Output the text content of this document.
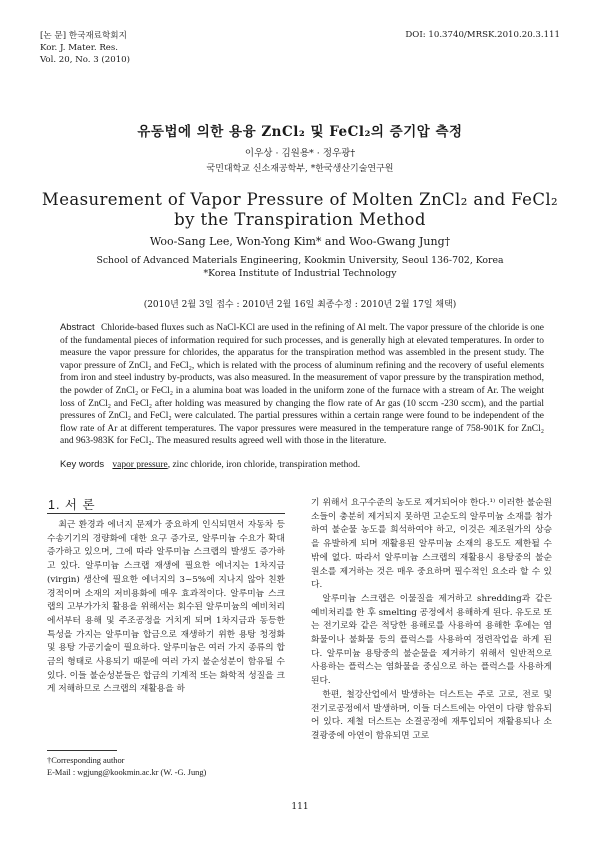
[논 문] 한국재료학회지
Kor. J. Mater. Res.
Vol. 20, No. 3 (2010)
DOI: 10.3740/MRSK.2010.20.3.111
유동법에 의한 용융 ZnCl₂ 및 FeCl₂의 증기압 측정
이우상 · 김원용* · 정우광†
국민대학교 신소재공학부, *한국생산기술연구원
Measurement of Vapor Pressure of Molten ZnCl₂ and FeCl₂
by the Transpiration Method
Woo-Sang Lee, Won-Yong Kim* and Woo-Gwang Jung†
School of Advanced Materials Engineering, Kookmin University, Seoul 136-702, Korea
*Korea Institute of Industrial Technology
(2010년 2월 3일 접수 : 2010년 2월 16일 최종수정 : 2010년 2월 17일 채택)
Abstract Chloride-based fluxes such as NaCl-KCl are used in the refining of Al melt. The vapor pressure of the chloride is one of the fundamental pieces of information required for such processes, and is generally high at elevated temperatures. In order to measure the vapor pressure for chlorides, the apparatus for the transpiration method was assembled in the present study. The vapor pressure of ZnCl₂ and FeCl₂, which is related with the process of aluminum refining and the recovery of useful elements from iron and steel industry by-products, was also measured. In the measurement of vapor pressure by the transpiration method, the powder of ZnCl₂ or FeCl₂ in a alumina boat was loaded in the uniform zone of the furnace with a stream of Ar. The weight loss of ZnCl₂ and FeCl₂ after holding was measured by changing the flow rate of Ar gas (10 sccm -230 sccm), and the partial pressures of ZnCl₂ and FeCl₂ were calculated. The partial pressures within a certain range were found to be independent of the flow rate of Ar at different temperatures. The vapor pressures were measured in the temperature range of 758-901K for ZnCl₂ and 963-983K for FeCl₂. The measured results agreed well with those in the literature.
Key words vapor pressure, zinc chloride, iron chloride, transpiration method.
1. 서 론

최근 환경과 에너지 문제가 중요하게 인식되면서 자동차 등 수송기기의 경량화에 대한 요구 증가로, 알루미늄 수요가 확대증가하고 있으며, 그에 따라 알루미늄 스크랩의 발생도 증가하고 있다. 알루미늄 스크랩 재생에 필요한 에너지는 1차지금(virgin) 생산에 필요한 에너지의 3~5%에 지나지 않아 친환경적이며 소재의 저비용화에 매우 효과적이다. 알루미늄 스크랩의 고부가가치 활용을 위해서는 회수된 알루미늄의 예비처리에서부터 용해 및 주조공정을 거치게 되며 1차지금과 동등한 특성을 가지는 알루미늄 합금으로 재생하기 위한 용탕 청정화 및 용탕 가공기술이 필요하다. 알루미늄은 여러 가지 종류의 합금의 형태로 사용되기 때문에 여러 가지 불순성분이 함유될 수 있다. 이들 불순성분들은 합금의 기계적 또는 화학적 성질을 크게 저해하므로 스크랩의 재활용을 하

기 위해서 요구수준의 농도로 제거되어야 한다.¹⁾ 이러한 불순원소들이 충분히 제거되지 못하면 고순도의 알루미늄 소재를 첨가하여 불순물 농도를 희석하여야 하고, 이것은 제조원가의 상승을 유발하게 되며 재활용된 알루미늄 소재의 용도도 제한될 수 밖에 없다. 따라서 알루미늄 스크랩의 재활용시 용탕중의 불순원소를 제거하는 것은 매우 중요하며 필수적인 요소라 할 수 있다.

알루미늄 스크랩은 이물질을 제거하고 shredding과 같은 예비처리를 한 후 smelting 공정에서 용해하게 된다. 유도로 또는 전기로와 같은 적당한 용해로를 사용하여 용해한 후에는 염화물이나 불화물 등의 플럭스를 사용하여 정련작업을 하게 된다. 알루미늄 용탕중의 불순물을 제거하기 위해서 일반적으로 사용하는 플럭스는 염화물을 중심으로 하는 플럭스를 사용하게 된다.

한편, 철강산업에서 발생하는 더스트는 주로 고로, 전로 및 전기로공정에서 발생하며, 이들 더스트에는 아연이 다량 함유되어 있다. 제철 더스트는 소결공정에 재투입되어 재활용되나 소결광중에 아연이 함유되면 고로

†Corresponding author
E-Mail : wgjung@kookmin.ac.kr (W. -G. Jung)
111
